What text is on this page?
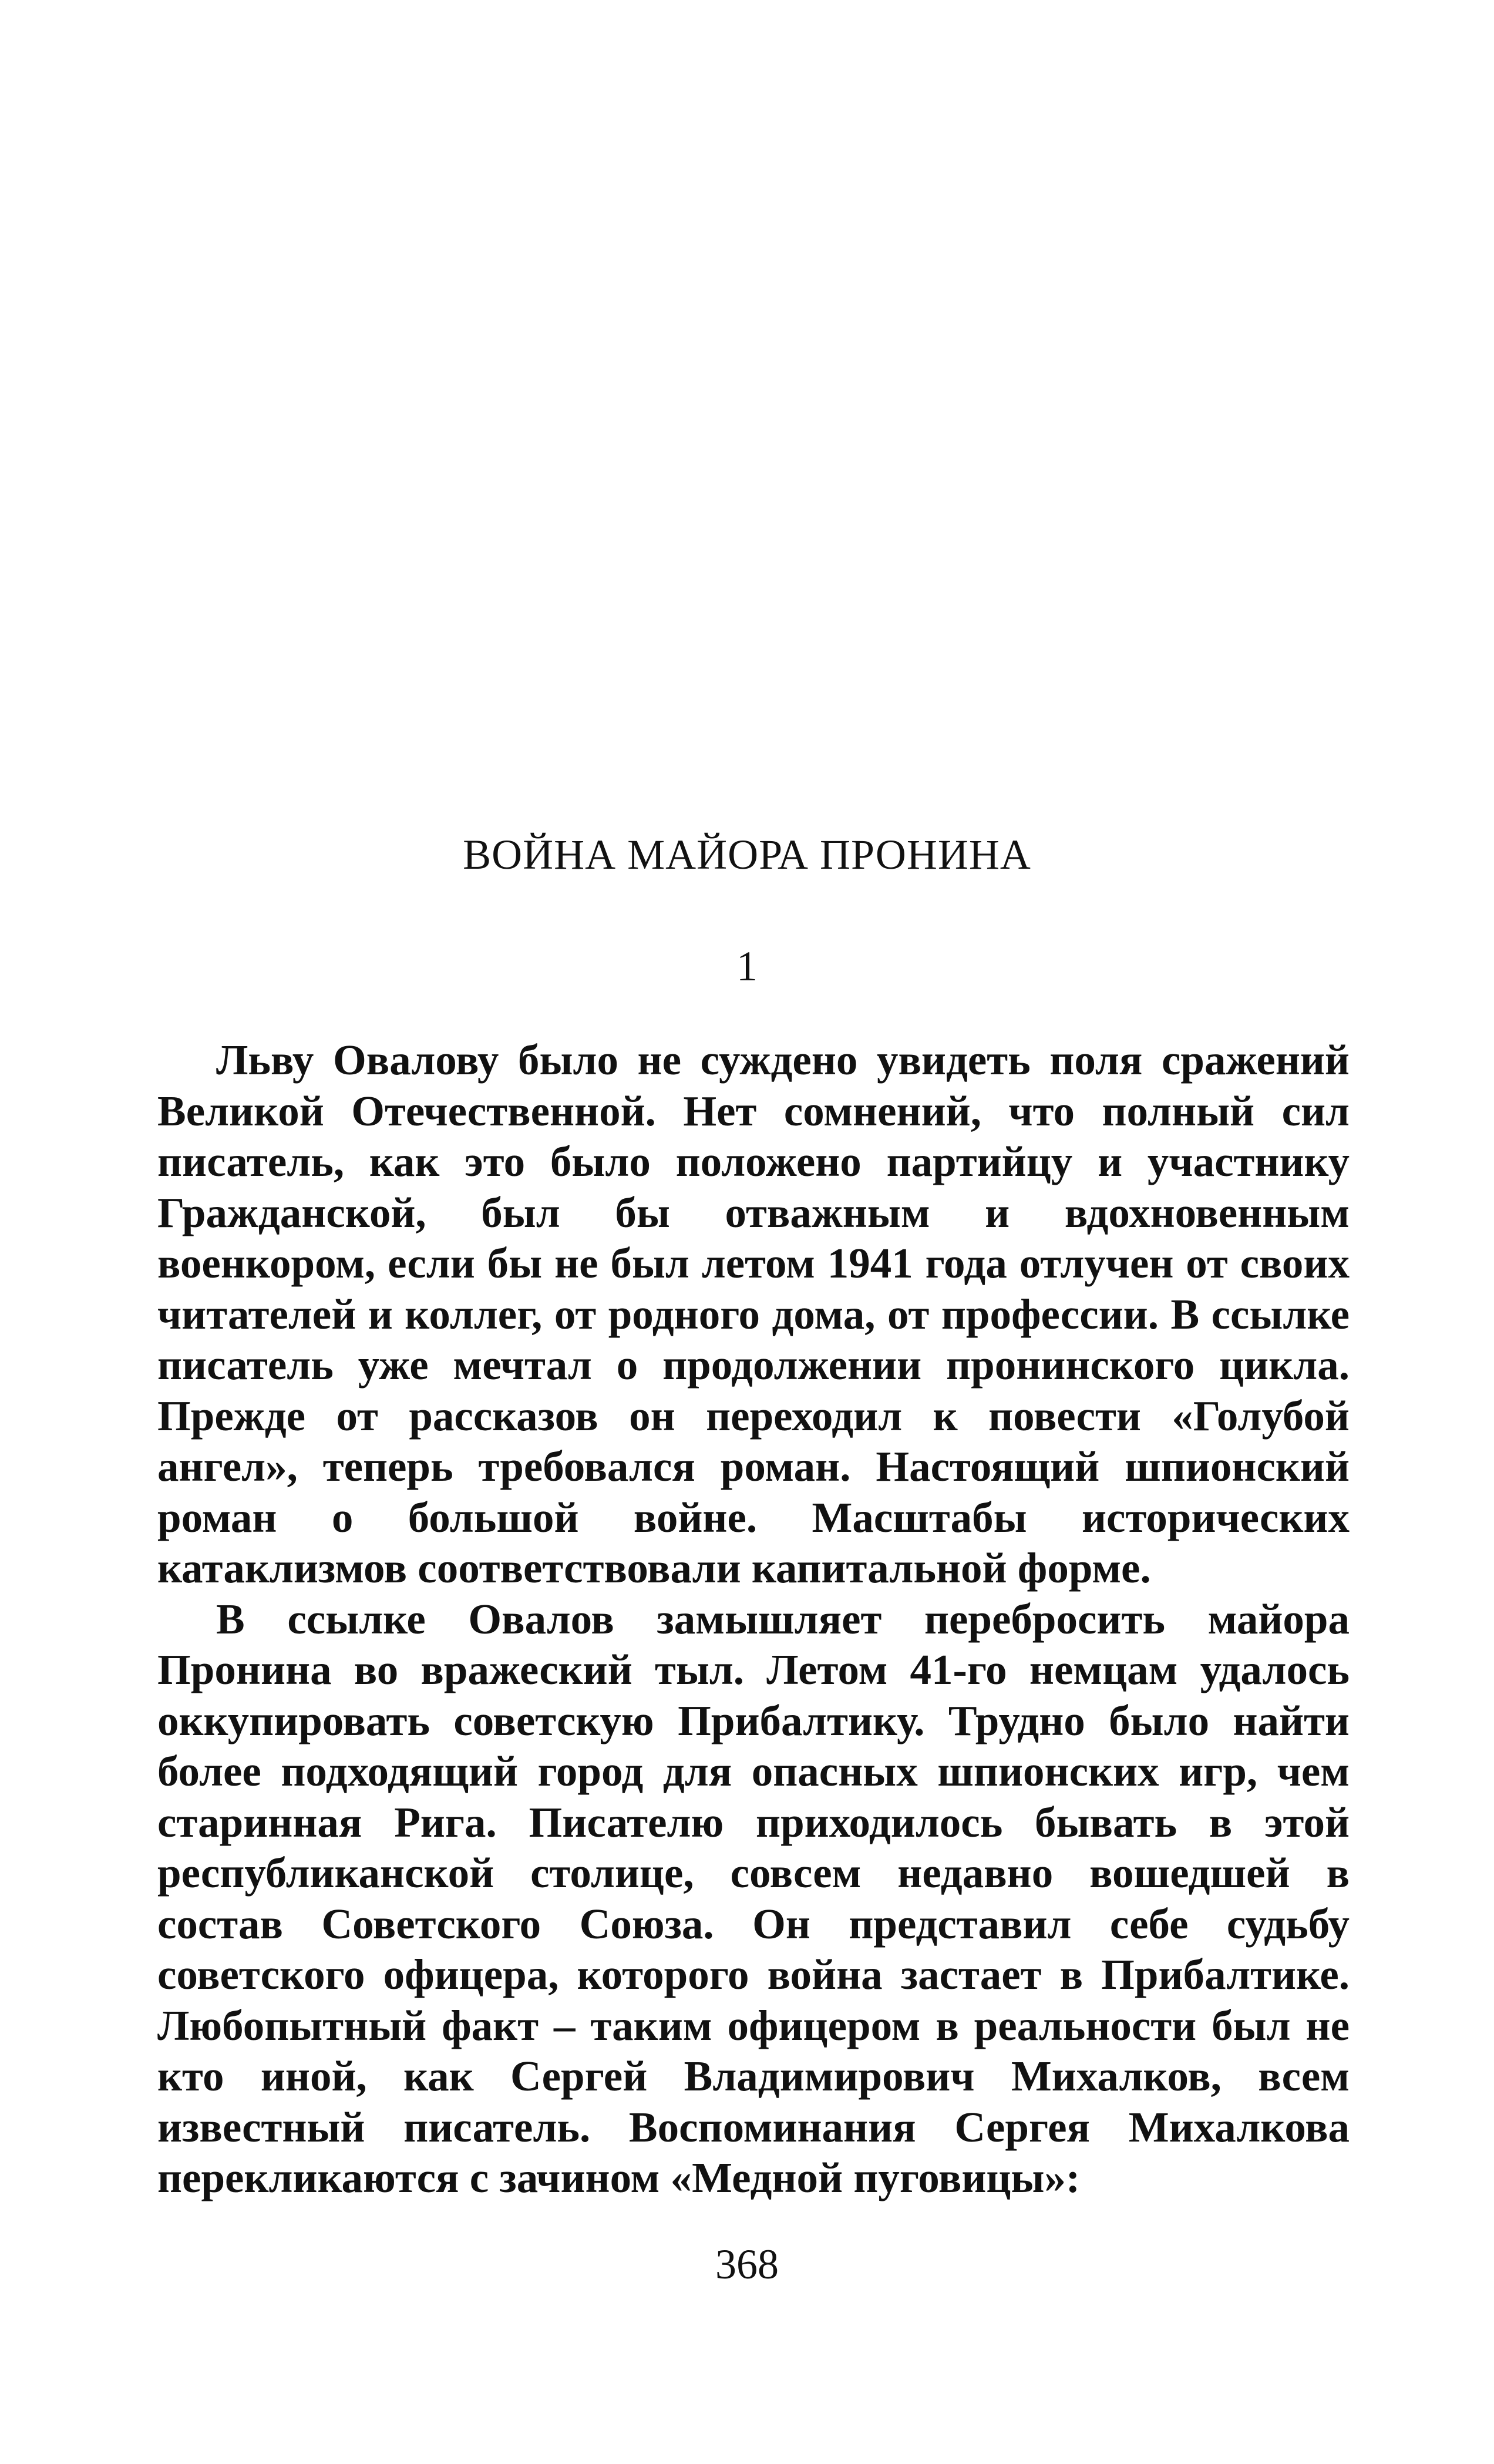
ВОЙНА МАЙОРА ПРОНИНА
1

Льву Овалову было не суждено увидеть поля сражений Великой Отечественной. Нет сомнений, что полный сил писатель, как это было положено партийцу и участнику Гражданской, был бы отважным и вдохновенным военкором, если бы не был летом 1941 года отлучен от своих читателей и коллег, от родного дома, от профессии. В ссылке писатель уже мечтал о продолжении пронинского цикла. Прежде от рассказов он переходил к повести «Голубой ангел», теперь требовался роман. Настоящий шпионский роман о большой войне. Масштабы исторических катаклизмов соответствовали капитальной форме.

В ссылке Овалов замышляет перебросить майора Пронина во вражеский тыл. Летом 41-го немцам удалось оккупировать советскую Прибалтику. Трудно было найти более подходящий город для опасных шпионских игр, чем старинная Рига. Писателю приходилось бывать в этой республиканской столице, совсем недавно вошедшей в состав Советского Союза. Он представил себе судьбу советского офицера, которого война застает в Прибалтике. Любопытный факт – таким офицером в реальности был не кто иной, как Сергей Владимирович Михалков, всем известный писатель. Воспоминания Сергея Михалкова перекликаются с зачином «Медной пуговицы»:

368
